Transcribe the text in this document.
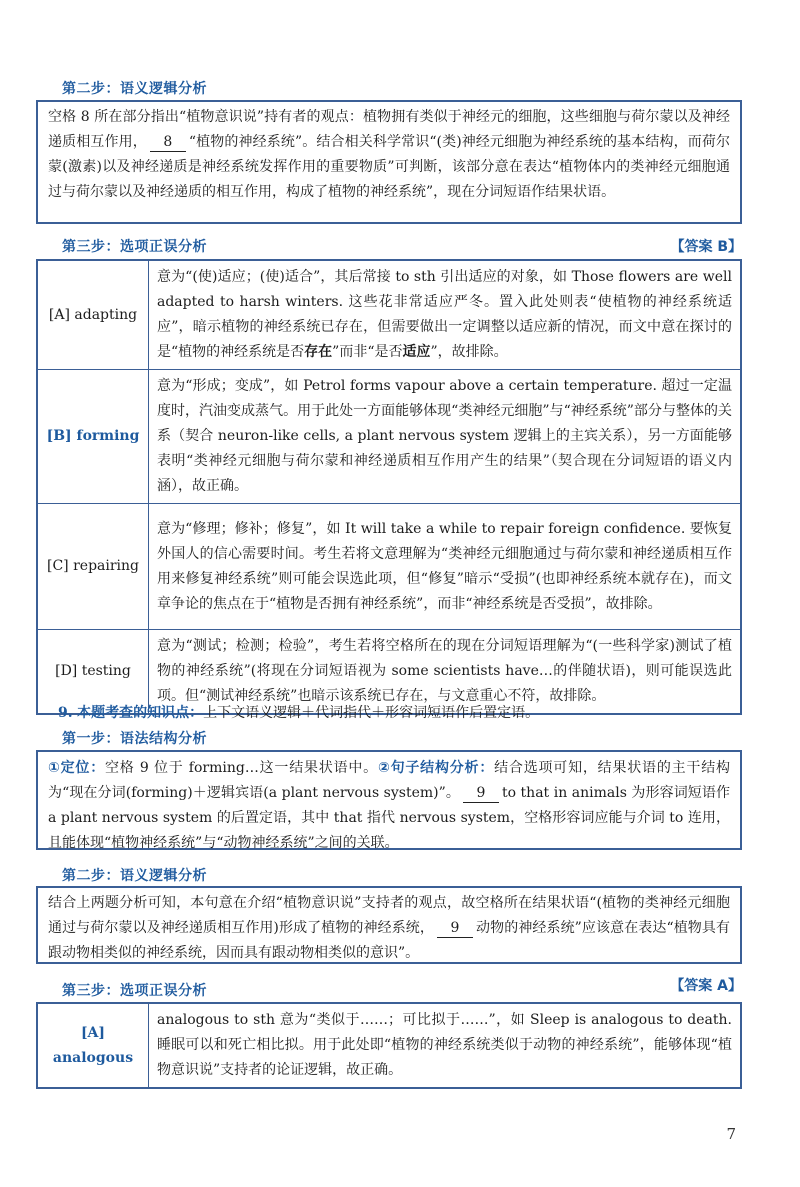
第二步：语义逻辑分析
空格 8 所在部分指出“植物意识说”持有者的观点：植物拥有类似于神经元的细胞，这些细胞与荷尔蒙以及神经递质相互作用， 8 “植物的神经系统”。结合相关科学常识“(类)神经元细胞为神经系统的基本结构，而荷尔蒙(激素)以及神经递质是神经系统发挥作用的重要物质”可判断，该部分意在表达“植物体内的类神经元细胞通过与荷尔蒙以及神经递质的相互作用，构成了植物的神经系统”，现在分词短语作结果状语。
第三步：选项正误分析	【答案 B】
[A] adapting	意为“(使)适应；(使)适合”，其后常接 to sth 引出适应的对象，如 Those flowers are well adapted to harsh winters. 这些花非常适应严冬。置入此处则表“使植物的神经系统适应”，暗示植物的神经系统已存在，但需要做出一定调整以适应新的情况，而文中意在探讨的是“植物的神经系统是否存在”而非“是否适应”，故排除。
[B] forming	意为“形成；变成”，如 Petrol forms vapour above a certain temperature. 超过一定温度时，汽油变成蒸气。用于此处一方面能够体现“类神经元细胞”与“神经系统”部分与整体的关系（契合 neuron-like cells, a plant nervous system 逻辑上的主宾关系），另一方面能够表明“类神经元细胞与荷尔蒙和神经递质相互作用产生的结果”（契合现在分词短语的语义内涵），故正确。
[C] repairing	意为“修理；修补；修复”，如 It will take a while to repair foreign confidence. 要恢复外国人的信心需要时间。考生若将文意理解为“类神经元细胞通过与荷尔蒙和神经递质相互作用来修复神经系统”则可能会误选此项，但“修复”暗示“受损”(也即神经系统本就存在)，而文章争论的焦点在于“植物是否拥有神经系统”，而非“神经系统是否受损”，故排除。
[D] testing	意为“测试；检测；检验”，考生若将空格所在的现在分词短语理解为“(一些科学家)测试了植物的神经系统”(将现在分词短语视为 some scientists have…的伴随状语)，则可能误选此项。但“测试神经系统”也暗示该系统已存在，与文意重心不符，故排除。
9. 本题考查的知识点：上下文语义逻辑＋代词指代＋形容词短语作后置定语。
第一步：语法结构分析
①定位：空格 9 位于 forming…这一结果状语中。②句子结构分析：结合选项可知，结果状语的主干结构为“现在分词(forming)＋逻辑宾语(a plant nervous system)”。 9 to that in animals 为形容词短语作 a plant nervous system 的后置定语，其中 that 指代 nervous system，空格形容词应能与介词 to 连用，且能体现“植物神经系统”与“动物神经系统”之间的关联。
第二步：语义逻辑分析
结合上两题分析可知，本句意在介绍“植物意识说”支持者的观点，故空格所在结果状语“(植物的类神经元细胞通过与荷尔蒙以及神经递质相互作用)形成了植物的神经系统， 9 动物的神经系统”应该意在表达“植物具有跟动物相类似的神经系统，因而具有跟动物相类似的意识”。
第三步：选项正误分析	【答案 A】
[A] analogous	analogous to sth 意为“类似于……；可比拟于……”，如 Sleep is analogous to death. 睡眠可以和死亡相比拟。用于此处即“植物的神经系统类似于动物的神经系统”，能够体现“植物意识说”支持者的论证逻辑，故正确。
7
